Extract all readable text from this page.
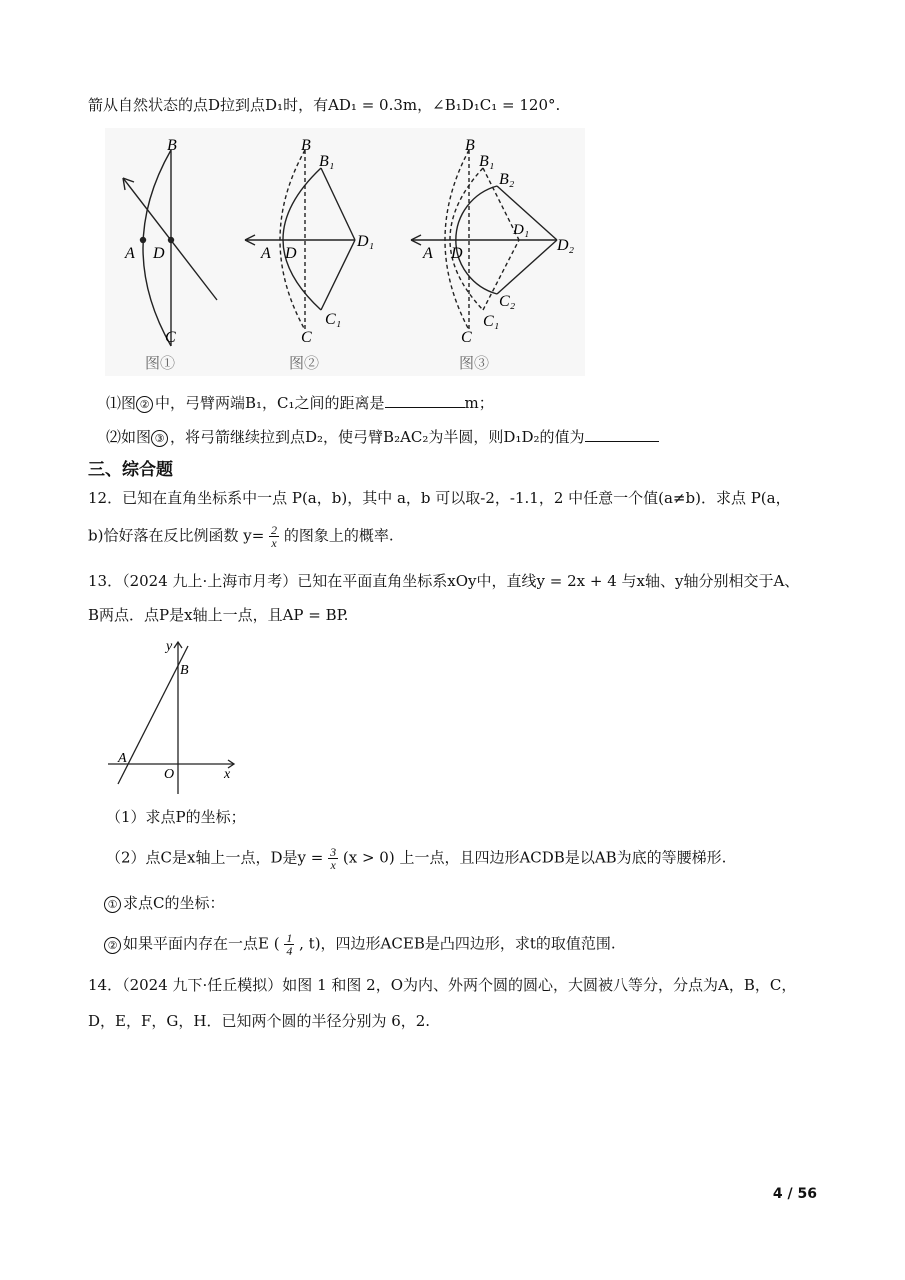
箭从自然状态的点D拉到点D₁时，有AD₁ = 0.3m，∠B₁D₁C₁ = 120°.
B
A D
C
图①
B
B₁
A D
D₁
C₁
C
图②
B
B₁
B₂
A D
D₁
D₂
C₂
C₁
C
图③
⑴图 ② 中，弓臂两端B₁，C₁之间的距离是	m；
⑵如图 ③ ，将弓箭继续拉到点D₂，使弓臂B₂AC₂为半圆，则D₁D₂的值为
三、综合题
12．已知在直角坐标系中一点 P(a，b)，其中 a，b 可以取-2，-1.1，2 中任意一个值(a≠b)．求点 P(a，
b)恰好落在反比例函数 $y= \frac{2}{x}$ 的图象上的概率.
13．（2024 九上·上海市月考）已知在平面直角坐标系xOy中，直线y = 2x + 4 与x轴、y轴分别相交于A、
B两点．点P是x轴上一点，且AP = BP.
y
B
A
O	x
（1）求点P的坐标；
（2）点C是x轴上一点，D是$y = \frac{3}{x} (x > 0)$ 上一点，且四边形ACDB是以AB为底的等腰梯形.
① 求点C的坐标：
② 如果平面内存在一点E ( $\frac{1}{4}$ , t)，四边形ACEB是凸四边形，求t的取值范围.
14．（2024 九下·任丘模拟）如图 1 和图 2，O为内、外两个圆的圆心，大圆被八等分，分点为A，B，C，
D，E，F，G，H．已知两个圆的半径分别为 6，2.
4 / 56
